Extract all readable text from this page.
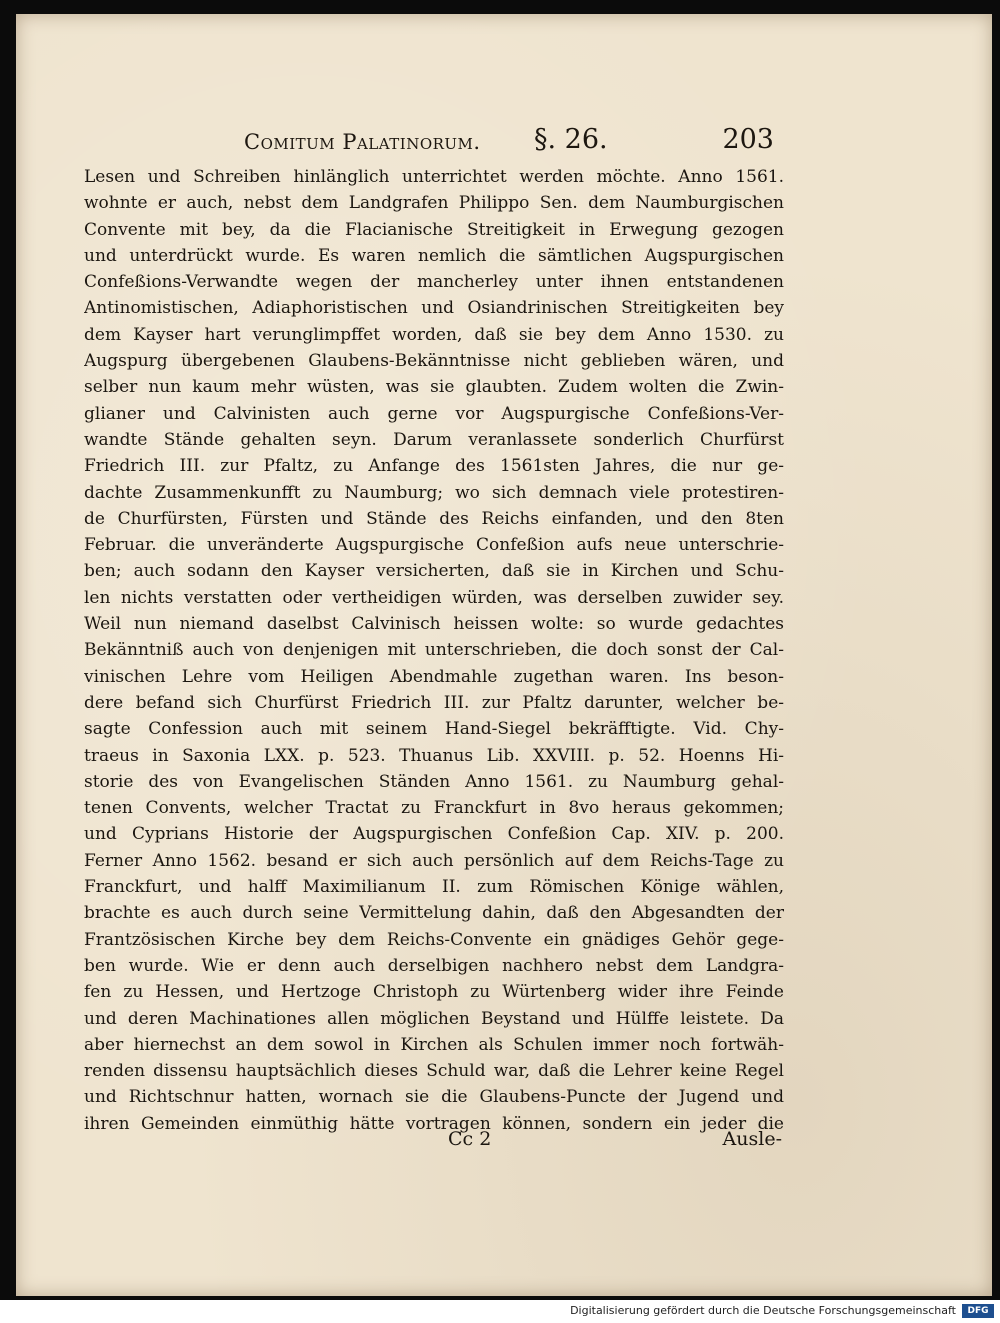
Comitum Palatinorum. §. 26.	203
Lesen und Schreiben hinlänglich unterrichtet werden möchte. Anno 1561.
wohnte er auch, nebst dem Landgrafen Philippo Sen. dem Naumburgischen
Convente mit bey, da die Flacianische Streitigkeit in Erwegung gezogen
und unterdrückt wurde. Es waren nemlich die sämtlichen Augspurgischen
Confeßions-Verwandte wegen der mancherley unter ihnen entstandenen
Antinomistischen, Adiaphoristischen und Osiandrinischen Streitigkeiten bey
dem Kayser hart verunglimpffet worden, daß sie bey dem Anno 1530. zu
Augspurg übergebenen Glaubens-Bekänntnisse nicht geblieben wären, und
selber nun kaum mehr wüsten, was sie glaubten. Zudem wolten die Zwin-
glianer und Calvinisten auch gerne vor Augspurgische Confeßions-Ver-
wandte Stände gehalten seyn. Darum veranlassete sonderlich Churfürst
Friedrich III. zur Pfaltz, zu Anfange des 1561sten Jahres, die nur ge-
dachte Zusammenkunfft zu Naumburg; wo sich demnach viele protestiren-
de Churfürsten, Fürsten und Stände des Reichs einfanden, und den 8ten
Februar. die unveränderte Augspurgische Confeßion aufs neue unterschrie-
ben; auch sodann den Kayser versicherten, daß sie in Kirchen und Schu-
len nichts verstatten oder vertheidigen würden, was derselben zuwider sey.
Weil nun niemand daselbst Calvinisch heissen wolte: so wurde gedachtes
Bekänntniß auch von denjenigen mit unterschrieben, die doch sonst der Cal-
vinischen Lehre vom Heiligen Abendmahle zugethan waren. Ins beson-
dere befand sich Churfürst Friedrich III. zur Pfaltz darunter, welcher be-
sagte Confession auch mit seinem Hand-Siegel bekräfftigte. Vid. Chy-
traeus in Saxonia LXX. p. 523. Thuanus Lib. XXVIII. p. 52. Hoenns Hi-
storie des von Evangelischen Ständen Anno 1561. zu Naumburg gehal-
tenen Convents, welcher Tractat zu Franckfurt in 8vo heraus gekommen;
und Cyprians Historie der Augspurgischen Confeßion Cap. XIV. p. 200.
Ferner Anno 1562. besand er sich auch persönlich auf dem Reichs-Tage zu
Franckfurt, und halff Maximilianum II. zum Römischen Könige wählen,
brachte es auch durch seine Vermittelung dahin, daß den Abgesandten der
Frantzösischen Kirche bey dem Reichs-Convente ein gnädiges Gehör gege-
ben wurde. Wie er denn auch derselbigen nachhero nebst dem Landgra-
fen zu Hessen, und Hertzoge Christoph zu Würtenberg wider ihre Feinde
und deren Machinationes allen möglichen Beystand und Hülffe leistete. Da
aber hiernechst an dem sowol in Kirchen als Schulen immer noch fortwäh-
renden dissensu hauptsächlich dieses Schuld war, daß die Lehrer keine Regel
und Richtschnur hatten, wornach sie die Glaubens-Puncte der Jugend und
ihren Gemeinden einmüthig hätte vortragen können, sondern ein jeder die
Cc 2	Ausle-
Digitalisierung gefördert durch die Deutsche Forschungsgemeinschaft	DFG
